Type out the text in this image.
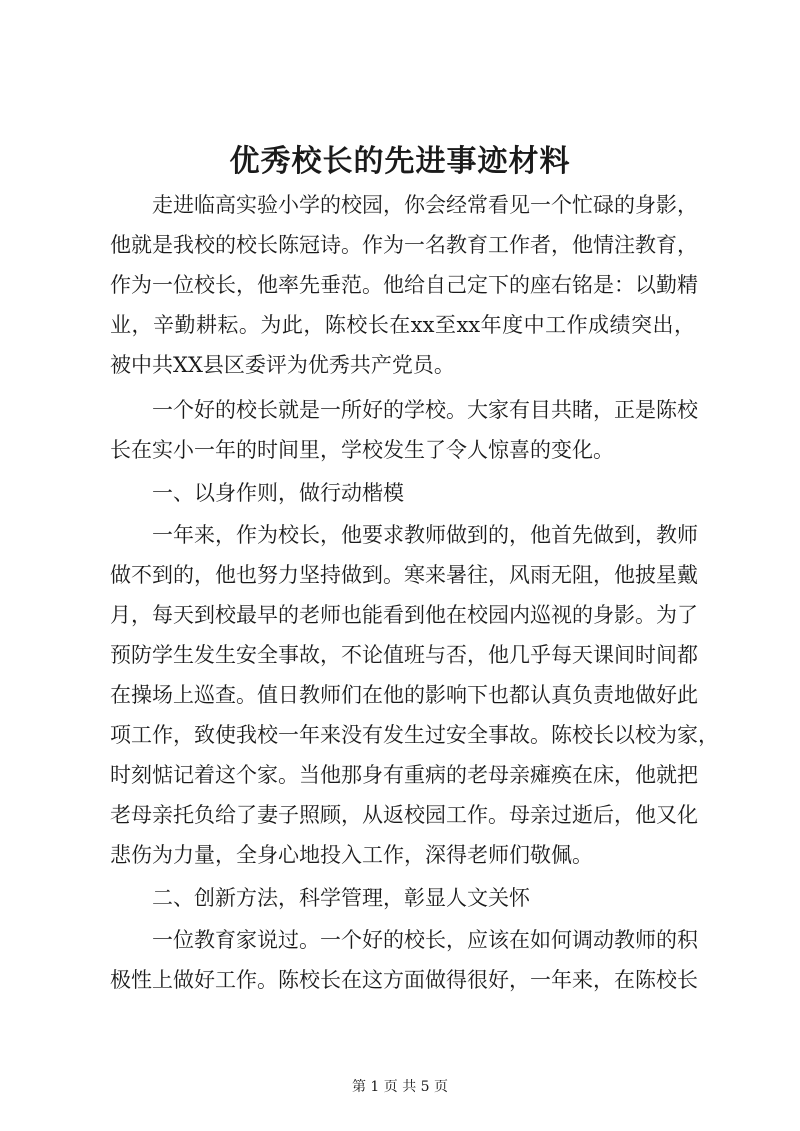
优秀校长的先进事迹材料
　　走进临高实验小学的校园，你会经常看见一个忙碌的身影，
他就是我校的校长陈冠诗。作为一名教育工作者，他情注教育，
作为一位校长，他率先垂范。他给自己定下的座右铭是：以勤精
业，辛勤耕耘。为此，陈校长在xx至xx年度中工作成绩突出，
被中共XX县区委评为优秀共产党员。
　　一个好的校长就是一所好的学校。大家有目共睹，正是陈校
长在实小一年的时间里，学校发生了令人惊喜的变化。
　　一、以身作则，做行动楷模
　　一年来，作为校长，他要求教师做到的，他首先做到，教师
做不到的，他也努力坚持做到。寒来暑往，风雨无阻，他披星戴
月，每天到校最早的老师也能看到他在校园内巡视的身影。为了
预防学生发生安全事故，不论值班与否，他几乎每天课间时间都
在操场上巡查。值日教师们在他的影响下也都认真负责地做好此
项工作，致使我校一年来没有发生过安全事故。陈校长以校为家，
时刻惦记着这个家。当他那身有重病的老母亲瘫痪在床，他就把
老母亲托负给了妻子照顾，从返校园工作。母亲过逝后，他又化
悲伤为力量，全身心地投入工作，深得老师们敬佩。
　　二、创新方法，科学管理，彰显人文关怀
　　一位教育家说过。一个好的校长，应该在如何调动教师的积
极性上做好工作。陈校长在这方面做得很好，一年来，在陈校长
第 1 页 共 5 页
